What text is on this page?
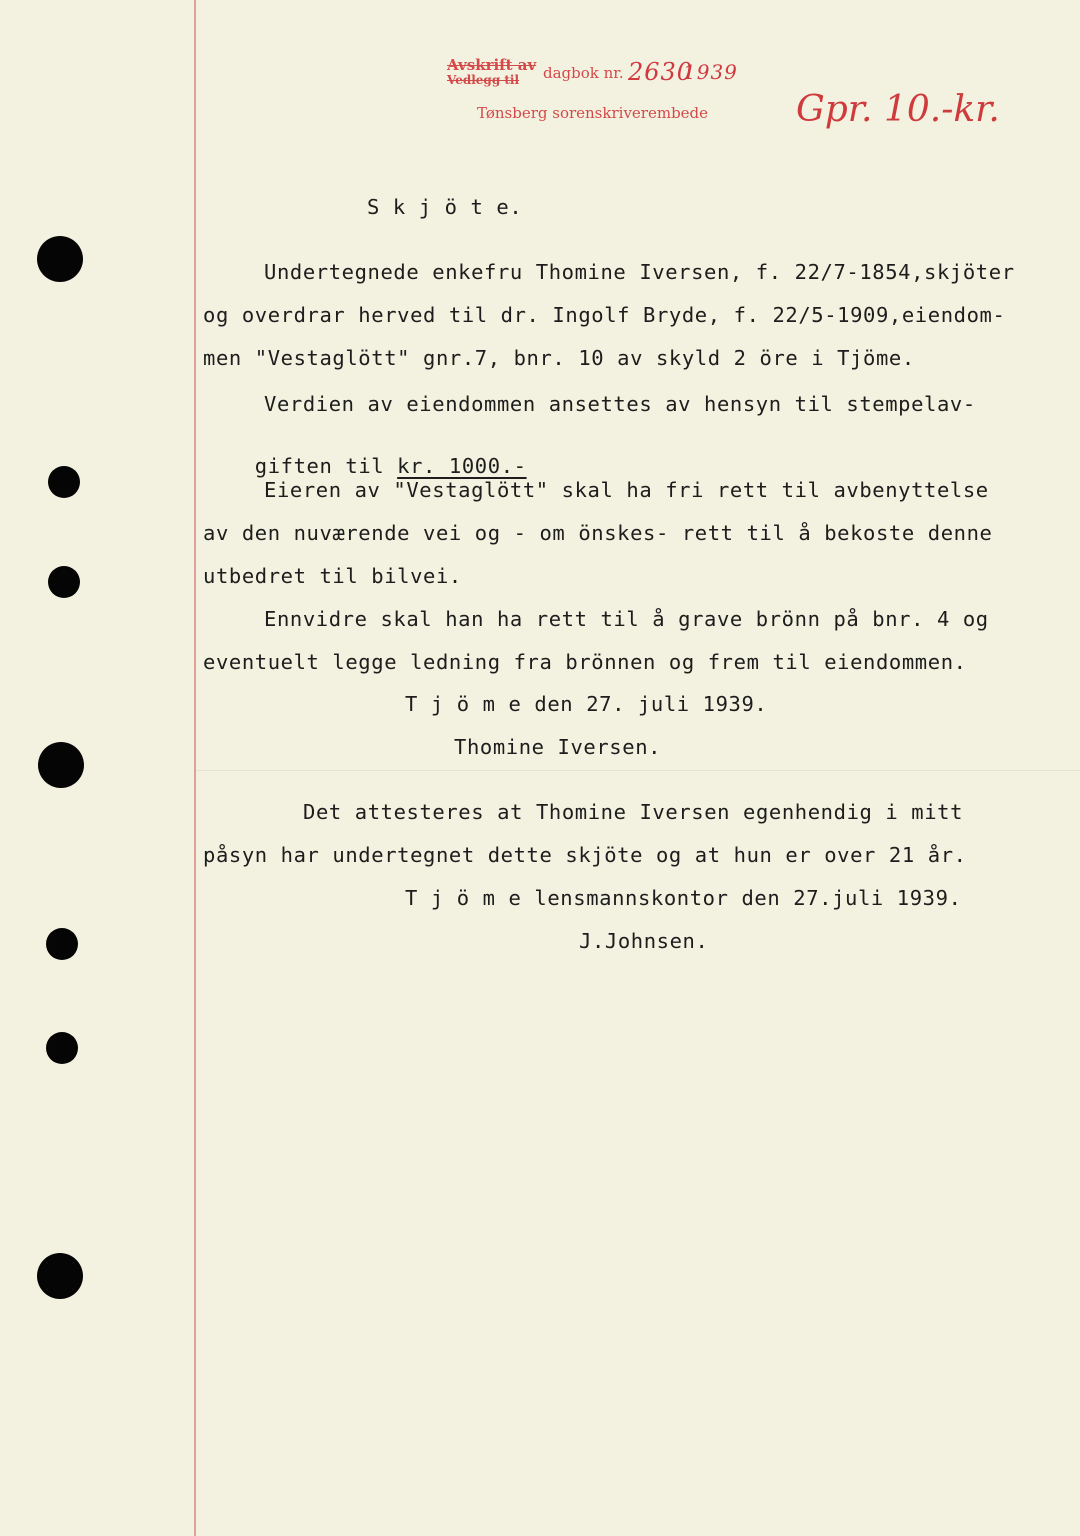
Avskrift av
Vedlegg til dagbok nr. 2630
1939
Tønsberg sorenskriverembede	Gpr. 10.-kr.
S k j ö t e.
Undertegnede enkefru Thomine Iversen, f. 22/7-1854,skjöter
og overdrar herved til dr. Ingolf Bryde, f. 22/5-1909,eiendom-
men "Vestaglött" gnr.7, bnr. 10 av skyld 2 öre i Tjöme.
Verdien av eiendommen ansettes av hensyn til stempelav-

giften til kr. 1000.-

Eieren av "Vestaglött" skal ha fri rett til avbenyttelse
av den nuværende vei og - om önskes- rett til å bekoste denne
utbedret til bilvei.
Ennvidre skal han ha rett til å grave brönn på bnr. 4 og
eventuelt legge ledning fra brönnen og frem til eiendommen.
T j ö m e den 27. juli 1939.
Thomine Iversen.
Det attesteres at Thomine Iversen egenhendig i mitt
påsyn har undertegnet dette skjöte og at hun er over 21 år.
T j ö m e lensmannskontor den 27.juli 1939.
J.Johnsen.
